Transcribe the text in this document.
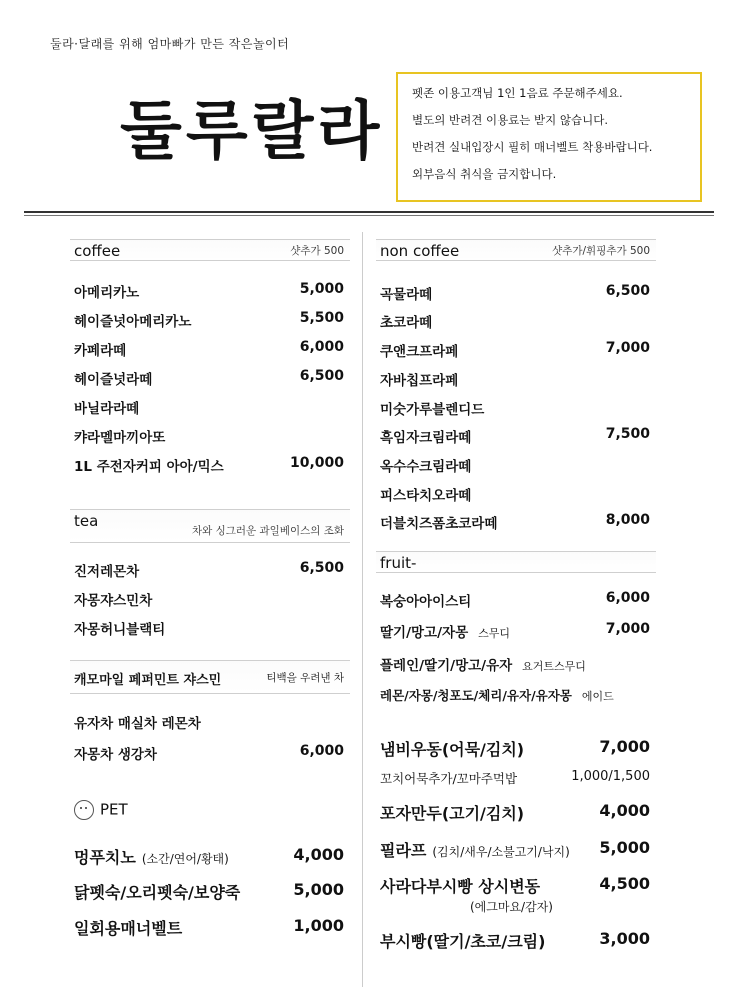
둘라·달래를 위해 엄마빠가 만든 작은놀이터
둘루랄라
펫존 이용고객님 1인 1음료 주문해주세요.
별도의 반려견 이용료는 받지 않습니다.
반려견 실내입장시 필히 매너벨트 착용바랍니다.
외부음식 취식을 금지합니다.
coffee	샷추가 500
아메리카노	5,000
헤이즐넛아메리카노	5,500
카페라떼	6,000
헤이즐넛라떼	6,500
바닐라라떼
캬라멜마끼아또
1L 주전자커피 아아/믹스	10,000
tea
차와 싱그러운 과일베이스의 조화
진저레몬차	6,500
자몽쟈스민차
자몽허니블랙티
캐모마일 페퍼민트 쟈스민	티백을 우려낸 차
유자차 매실차 레몬차
자몽차 생강차	6,000
PET
멍푸치노 (소간/연어/황태)	4,000
닭펫숙/오리펫숙/보양죽	5,000
일회용매너벨트	1,000
non coffee	샷추가/휘핑추가 500
곡물라떼	6,500
초코라떼
쿠앤크프라페	7,000
자바칩프라페
미숫가루블렌디드
흑임자크림라떼	7,500
옥수수크림라떼
피스타치오라떼
더블치즈폼초코라떼	8,000
fruit-
복숭아아이스티	6,000
딸기/망고/자몽 스무디	7,000
플레인/딸기/망고/유자 요거트스무디
레몬/자몽/청포도/체리/유자/유자몽 에이드
냄비우동(어묵/김치)	7,000
꼬치어묵추가/꼬마주먹밥	1,000/1,500
포자만두(고기/김치)	4,000
필라프 (김치/새우/소불고기/낙지) 5,000
사라다부시빵 상시변동	4,500
(에그마요/감자)
부시빵(딸기/초코/크림)	3,000
